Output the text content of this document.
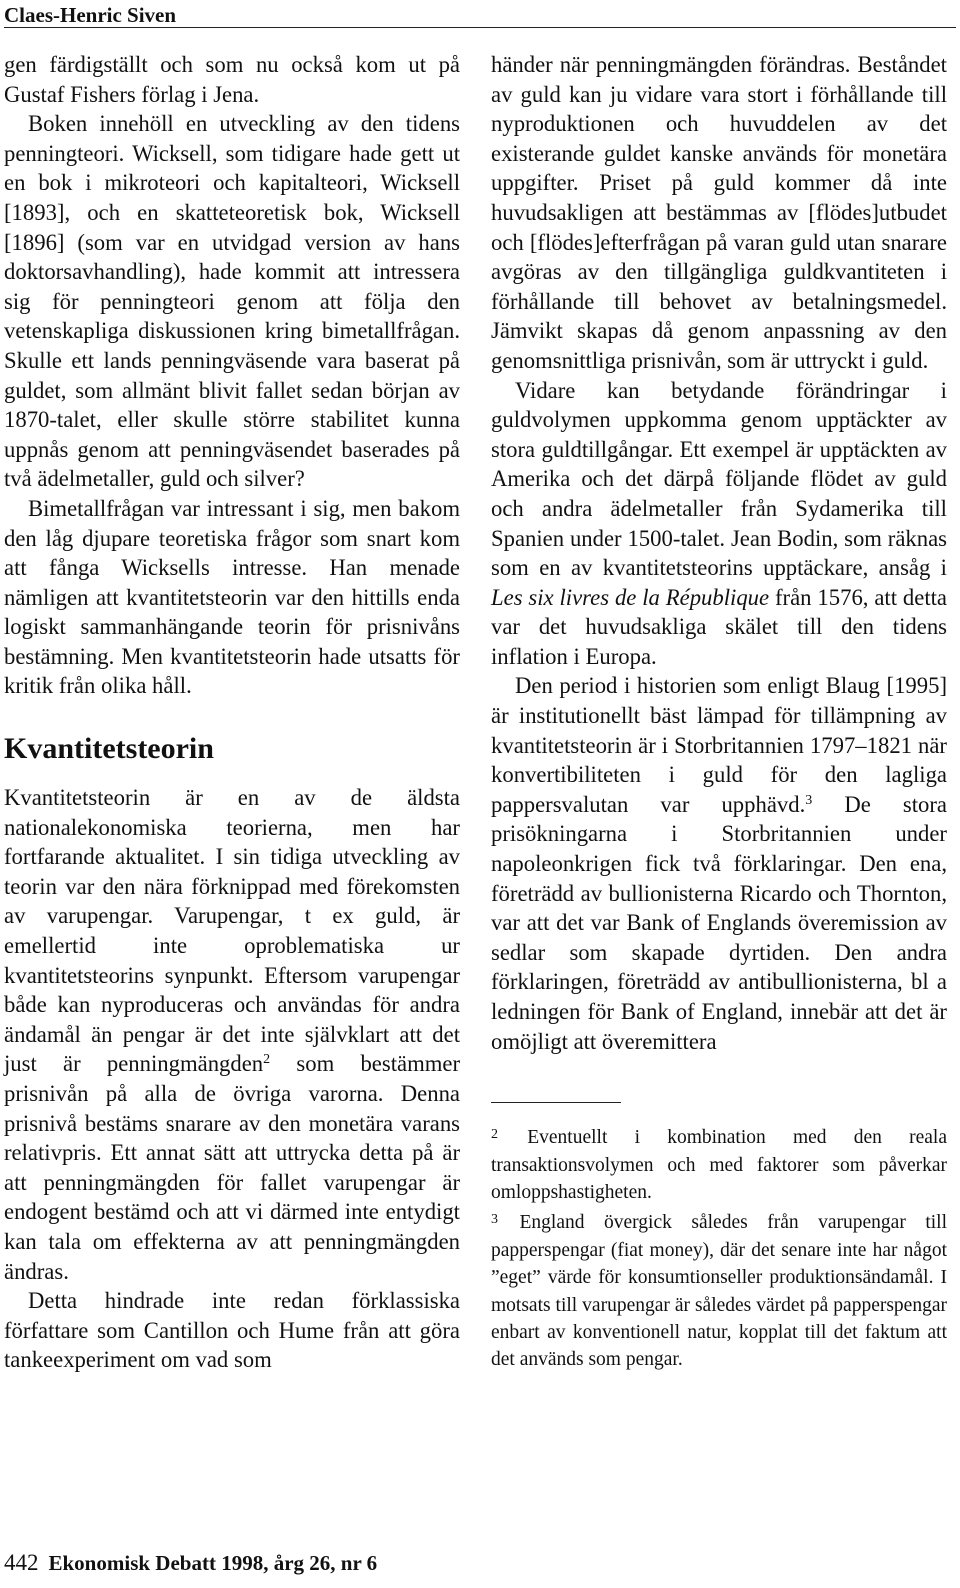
Claes-Henric Siven

gen färdigställt och som nu också kom ut på Gustaf Fishers förlag i Jena.

Boken innehöll en utveckling av den tidens penningteori. Wicksell, som tidigare hade gett ut en bok i mikroteori och kapitalteori, Wicksell [1893], och en skatteteoretisk bok, Wicksell [1896] (som var en utvidgad version av hans doktorsavhandling), hade kommit att intressera sig för penningteori genom att följa den vetenskapliga diskussionen kring bimetallfrågan. Skulle ett lands penningväsende vara baserat på guldet, som allmänt blivit fallet sedan början av 1870-talet, eller skulle större stabilitet kunna uppnås genom att penningväsendet baserades på två ädelmetaller, guld och silver?

Bimetallfrågan var intressant i sig, men bakom den låg djupare teoretiska frågor som snart kom att fånga Wicksells intresse. Han menade nämligen att kvantitetsteorin var den hittills enda logiskt sammanhängande teorin för prisnivåns bestämning. Men kvantitetsteorin hade utsatts för kritik från olika håll.

Kvantitetsteorin

Kvantitetsteorin är en av de äldsta nationalekonomiska teorierna, men har fortfarande aktualitet. I sin tidiga utveckling av teorin var den nära förknippad med förekomsten av varupengar. Varupengar, t ex guld, är emellertid inte oproblematiska ur kvantitetsteorins synpunkt. Eftersom varupengar både kan nyproduceras och användas för andra ändamål än pengar är det inte självklart att det just är penningmängden$^2$ som bestämmer prisnivån på alla de övriga varorna. Denna prisnivå bestäms snarare av den monetära varans relativpris. Ett annat sätt att uttrycka detta på är att penningmängden för fallet varupengar är endogent bestämd och att vi därmed inte entydigt kan tala om effekterna av att penningmängden ändras.

Detta hindrade inte redan förklassiska författare som Cantillon och Hume från att göra tankeexperiment om vad som

händer när penningmängden förändras. Beståndet av guld kan ju vidare vara stort i förhållande till nyproduktionen och huvuddelen av det existerande guldet kanske används för monetära uppgifter. Priset på guld kommer då inte huvudsakligen att bestämmas av [flödes]utbudet och [flödes]efterfrågan på varan guld utan snarare avgöras av den tillgängliga guldkvantiteten i förhållande till behovet av betalningsmedel. Jämvikt skapas då genom anpassning av den genomsnittliga prisnivån, som är uttryckt i guld.

Vidare kan betydande förändringar i guldvolymen uppkomma genom upptäckter av stora guldtillgångar. Ett exempel är upptäckten av Amerika och det därpå följande flödet av guld och andra ädelmetaller från Sydamerika till Spanien under 1500-talet. Jean Bodin, som räknas som en av kvantitetsteorins upptäckare, ansåg i Les six livres de la République från 1576, att detta var det huvudsakliga skälet till den tidens inflation i Europa.

Den period i historien som enligt Blaug [1995] är institutionellt bäst lämpad för tillämpning av kvantitetsteorin är i Storbritannien 1797–1821 när konvertibiliteten i guld för den lagliga pappersvalutan var upphävd.$^3$ De stora prisökningarna i Storbritannien under napoleonkrigen fick två förklaringar. Den ena, företrädd av bullionisterna Ricardo och Thornton, var att det var Bank of Englands överemission av sedlar som skapade dyrtiden. Den andra förklaringen, företrädd av antibullionisterna, bl a ledningen för Bank of England, innebär att det är omöjligt att överemittera

$^2$ Eventuellt i kombination med den reala transaktionsvolymen och med faktorer som påverkar omloppshastigheten.

$^3$ England övergick således från varupengar till papperspengar (fiat money), där det senare inte har något ”eget” värde för konsumtionseller produktionsändamål. I motsats till varupengar är således värdet på papperspengar enbart av konventionell natur, kopplat till det faktum att det används som pengar.

442 Ekonomisk Debatt 1998, årg 26, nr 6
